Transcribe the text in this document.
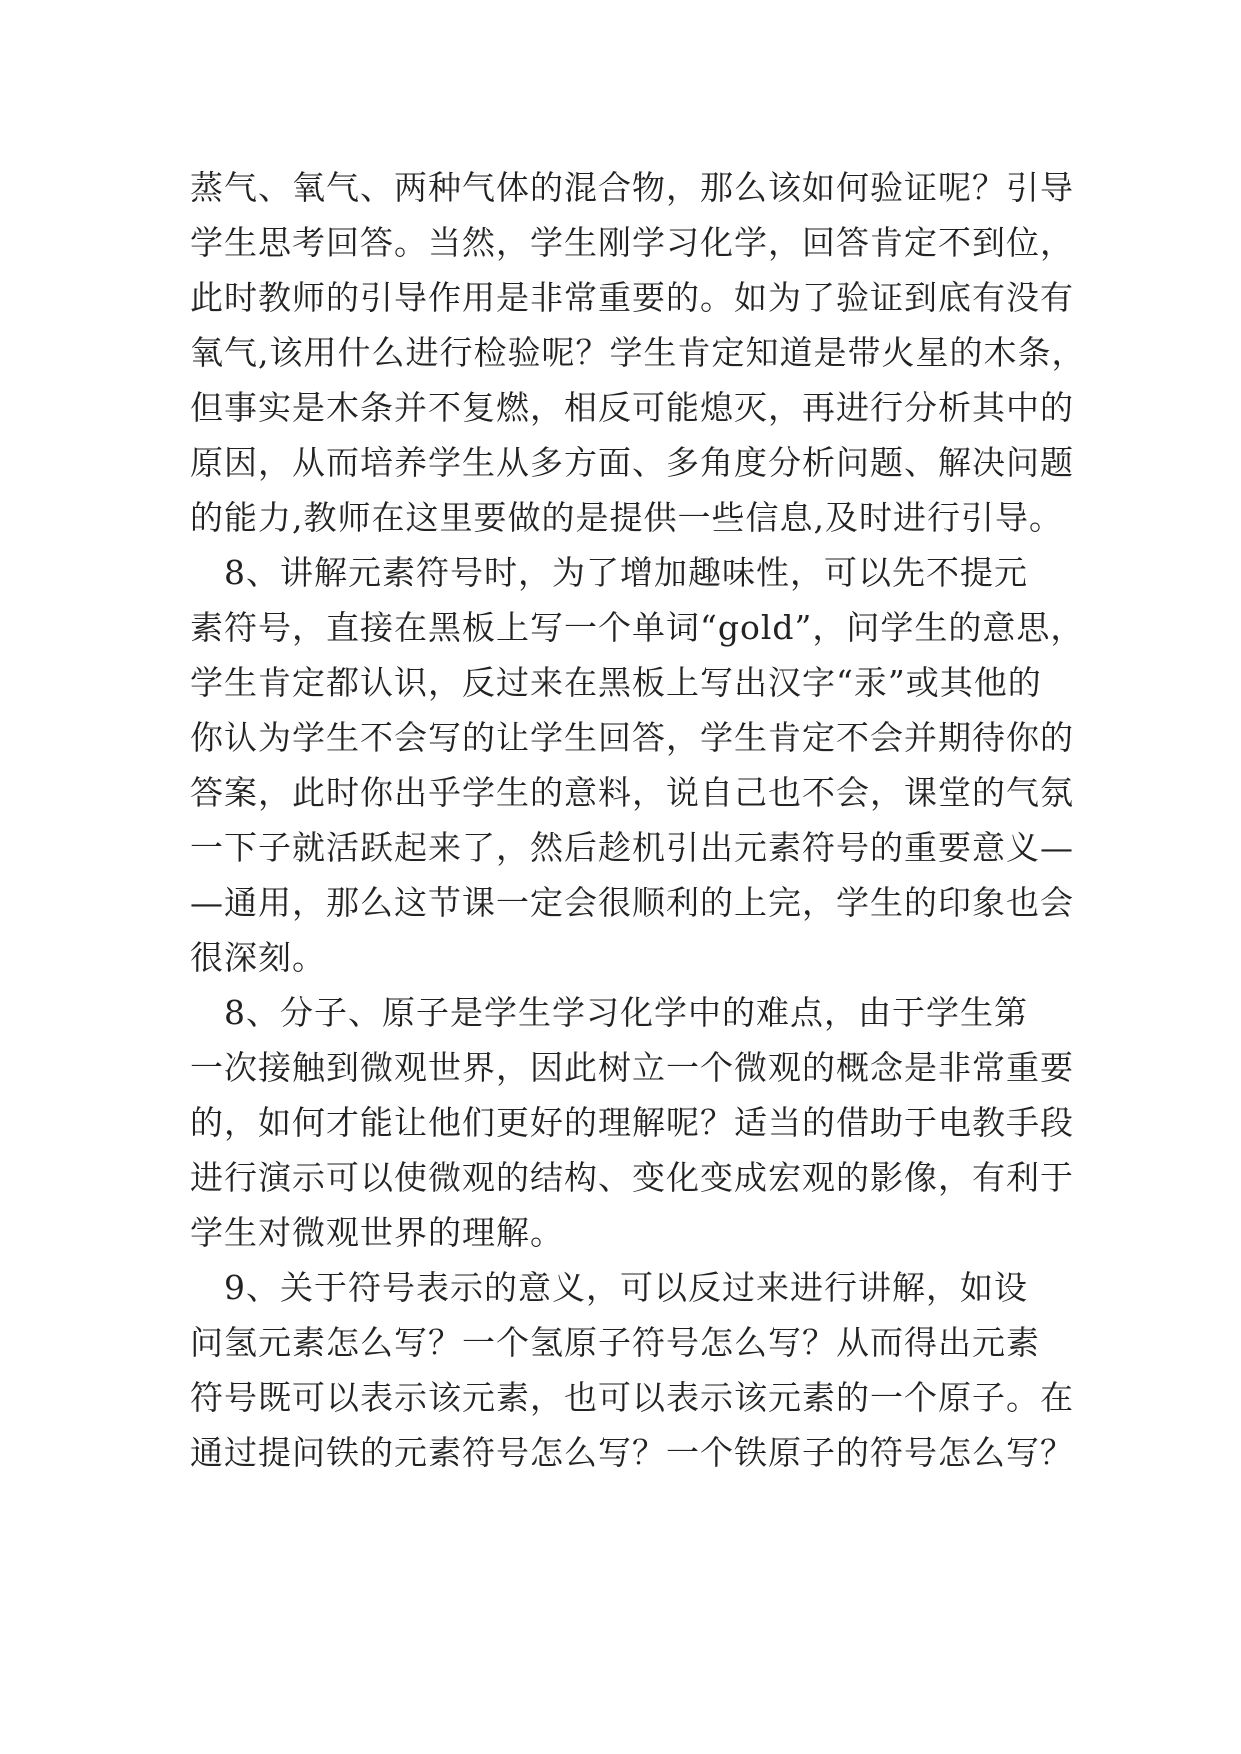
蒸气、氧气、两种气体的混合物，那么该如何验证呢？引导
学生思考回答。当然，学生刚学习化学，回答肯定不到位，
此时教师的引导作用是非常重要的。如为了验证到底有没有
氧气,该用什么进行检验呢？学生肯定知道是带火星的木条，
但事实是木条并不复燃，相反可能熄灭，再进行分析其中的
原因，从而培养学生从多方面、多角度分析问题、解决问题
的能力,教师在这里要做的是提供一些信息,及时进行引导。
　8、讲解元素符号时，为了增加趣味性，可以先不提元
素符号，直接在黑板上写一个单词“gold”，问学生的意思，
学生肯定都认识，反过来在黑板上写出汉字“汞”或其他的
你认为学生不会写的让学生回答，学生肯定不会并期待你的
答案，此时你出乎学生的意料，说自己也不会，课堂的气氛
一下子就活跃起来了，然后趁机引出元素符号的重要意义—
—通用，那么这节课一定会很顺利的上完，学生的印象也会
很深刻。
　8、分子、原子是学生学习化学中的难点，由于学生第
一次接触到微观世界，因此树立一个微观的概念是非常重要
的，如何才能让他们更好的理解呢？适当的借助于电教手段
进行演示可以使微观的结构、变化变成宏观的影像，有利于
学生对微观世界的理解。
　9、关于符号表示的意义，可以反过来进行讲解，如设
问氢元素怎么写？一个氢原子符号怎么写？从而得出元素
符号既可以表示该元素，也可以表示该元素的一个原子。在
通过提问铁的元素符号怎么写？一个铁原子的符号怎么写？
